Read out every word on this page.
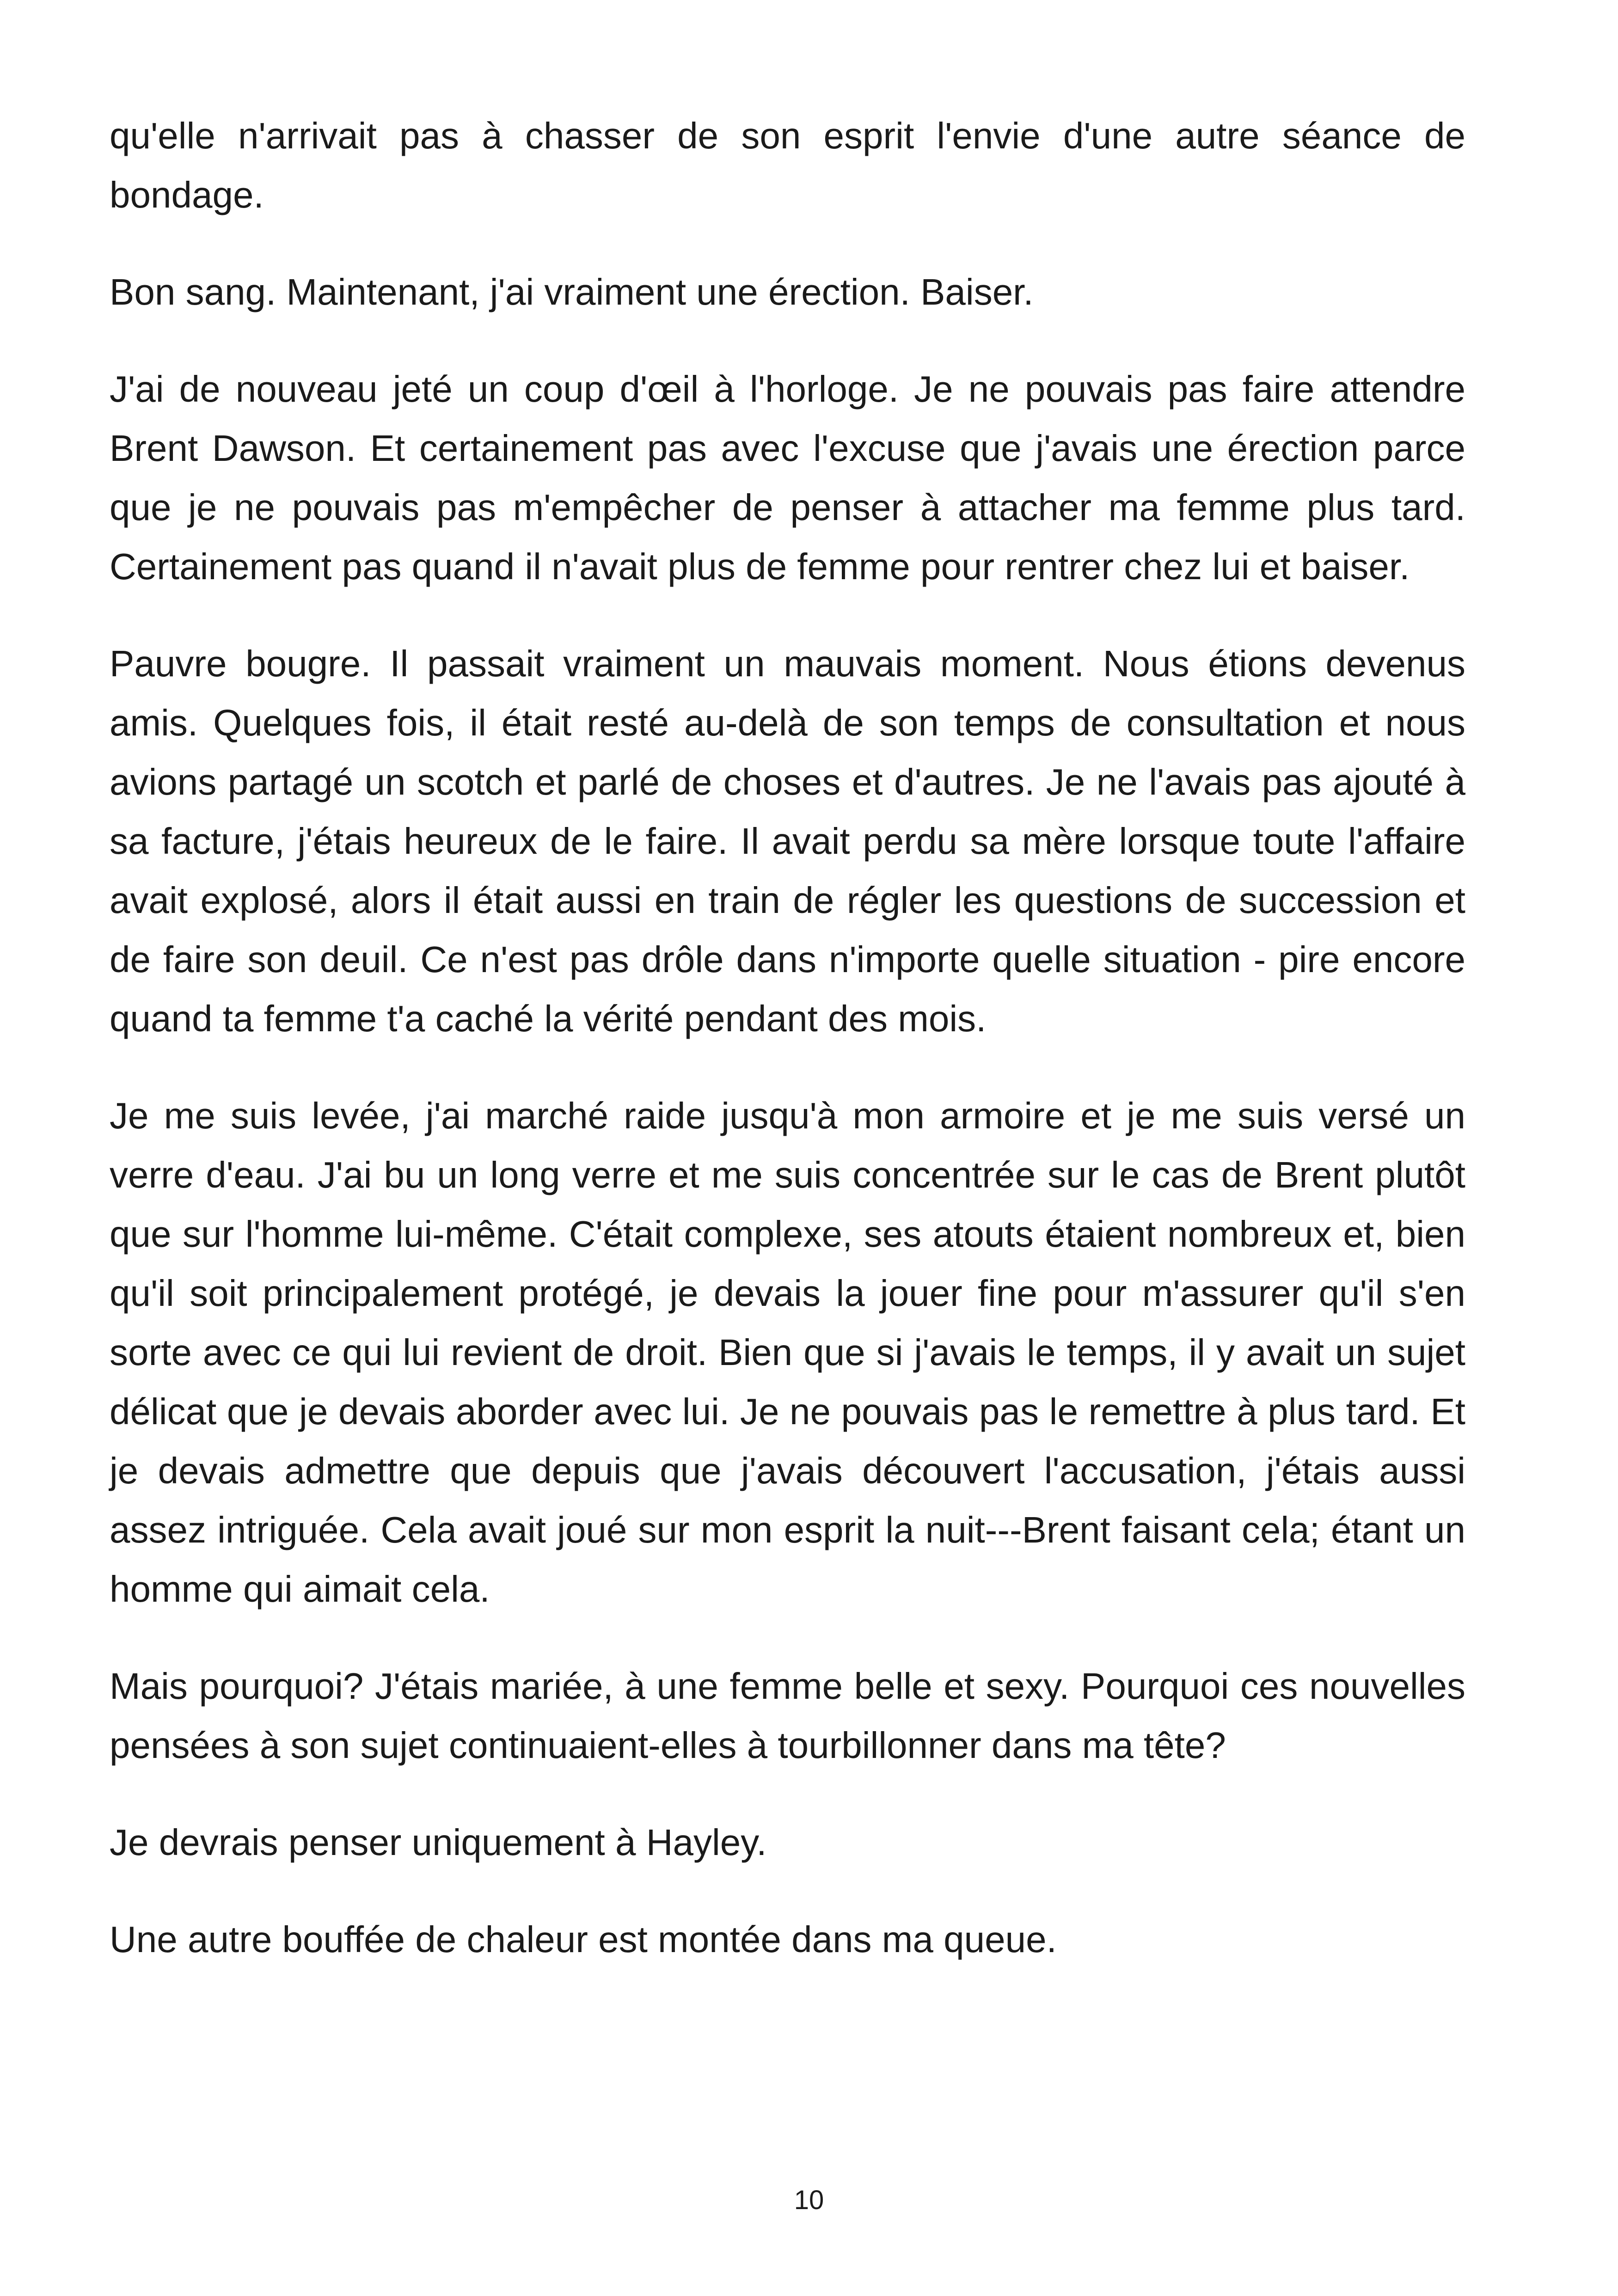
qu'elle n'arrivait pas à chasser de son esprit l'envie d'une autre séance de bondage.

Bon sang. Maintenant, j'ai vraiment une érection. Baiser.

J'ai de nouveau jeté un coup d'œil à l'horloge. Je ne pouvais pas faire attendre Brent Dawson. Et certainement pas avec l'excuse que j'avais une érection parce que je ne pouvais pas m'empêcher de penser à attacher ma femme plus tard. Certainement pas quand il n'avait plus de femme pour rentrer chez lui et baiser.

Pauvre bougre. Il passait vraiment un mauvais moment. Nous étions devenus amis. Quelques fois, il était resté au-delà de son temps de consultation et nous avions partagé un scotch et parlé de choses et d'autres. Je ne l'avais pas ajouté à sa facture, j'étais heureux de le faire. Il avait perdu sa mère lorsque toute l'affaire avait explosé, alors il était aussi en train de régler les questions de succession et de faire son deuil. Ce n'est pas drôle dans n'importe quelle situation - pire encore quand ta femme t'a caché la vérité pendant des mois.

Je me suis levée, j'ai marché raide jusqu'à mon armoire et je me suis versé un verre d'eau. J'ai bu un long verre et me suis concentrée sur le cas de Brent plutôt que sur l'homme lui-même. C'était complexe, ses atouts étaient nombreux et, bien qu'il soit principalement protégé, je devais la jouer fine pour m'assurer qu'il s'en sorte avec ce qui lui revient de droit. Bien que si j'avais le temps, il y avait un sujet délicat que je devais aborder avec lui. Je ne pouvais pas le remettre à plus tard. Et je devais admettre que depuis que j'avais découvert l'accusation, j'étais aussi assez intriguée. Cela avait joué sur mon esprit la nuit---Brent faisant cela; étant un homme qui aimait cela.

Mais pourquoi? J'étais mariée, à une femme belle et sexy. Pourquoi ces nouvelles pensées à son sujet continuaient-elles à tourbillonner dans ma tête?

Je devrais penser uniquement à Hayley.

Une autre bouffée de chaleur est montée dans ma queue.

10
